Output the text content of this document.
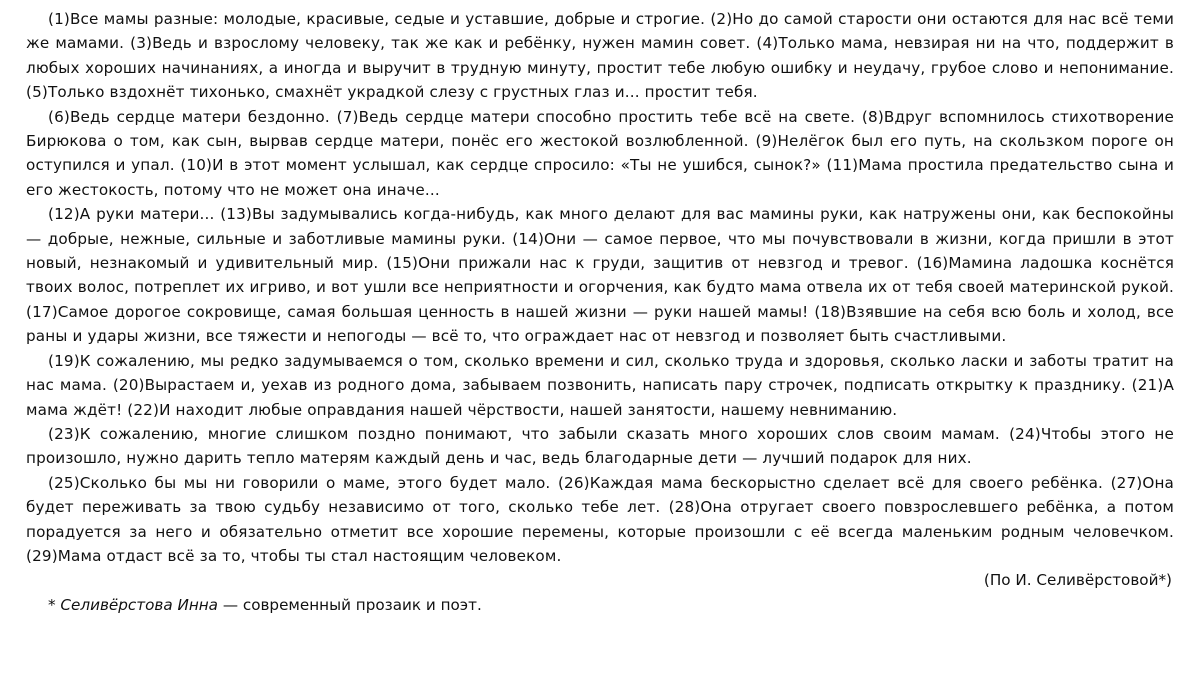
(1)Все мамы разные: молодые, красивые, седые и уставшие, добрые и строгие. (2)Но до самой старости они остаются для нас всё теми же мамами. (3)Ведь и взрослому человеку, так же как и ребёнку, нужен мамин совет. (4)Только мама, невзирая ни на что, поддержит в любых хороших начинаниях, а иногда и выручит в трудную минуту, простит тебе любую ошибку и неудачу, грубое слово и непонимание. (5)Только вздохнёт тихонько, смахнёт украдкой слезу с грустных глаз и... простит тебя.

(6)Ведь сердце матери бездонно. (7)Ведь сердце матери способно простить тебе всё на свете. (8)Вдруг вспомнилось стихотворение Бирюкова о том, как сын, вырвав сердце матери, понёс его жестокой возлюбленной. (9)Нелёгок был его путь, на скользком пороге он оступился и упал. (10)И в этот момент услышал, как сердце спросило: «Ты не ушибся, сынок?» (11)Мама простила предательство сына и его жестокость, потому что не может она иначе...

(12)А руки матери... (13)Вы задумывались когда-нибудь, как много делают для вас мамины руки, как натружены они, как беспокойны — добрые, нежные, сильные и заботливые мамины руки. (14)Они — самое первое, что мы почувствовали в жизни, когда пришли в этот новый, незнакомый и удивительный мир. (15)Они прижали нас к груди, защитив от невзгод и тревог. (16)Мамина ладошка коснётся твоих волос, потреплет их игриво, и вот ушли все неприятности и огорчения, как будто мама отвела их от тебя своей материнской рукой. (17)Самое дорогое сокровище, самая большая ценность в нашей жизни — руки нашей мамы! (18)Взявшие на себя всю боль и холод, все раны и удары жизни, все тяжести и непогоды — всё то, что ограждает нас от невзгод и позволяет быть счастливыми.

(19)К сожалению, мы редко задумываемся о том, сколько времени и сил, сколько труда и здоровья, сколько ласки и заботы тратит на нас мама. (20)Вырастаем и, уехав из родного дома, забываем позвонить, написать пару строчек, подписать открытку к празднику. (21)А мама ждёт! (22)И находит любые оправдания нашей чёрствости, нашей занятости, нашему невниманию.

(23)К сожалению, многие слишком поздно понимают, что забыли сказать много хороших слов своим мамам. (24)Чтобы этого не произошло, нужно дарить тепло матерям каждый день и час, ведь благодарные дети — лучший подарок для них.

(25)Сколько бы мы ни говорили о маме, этого будет мало. (26)Каждая мама бескорыстно сделает всё для своего ребёнка. (27)Она будет переживать за твою судьбу независимо от того, сколько тебе лет. (28)Она отругает своего повзрослевшего ребёнка, а потом порадуется за него и обязательно отметит все хорошие перемены, которые произошли с её всегда маленьким родным человечком. (29)Мама отдаст всё за то, чтобы ты стал настоящим человеком.

(По И. Селивёрстовой*)

* Селивёрстова Инна — современный прозаик и поэт.
